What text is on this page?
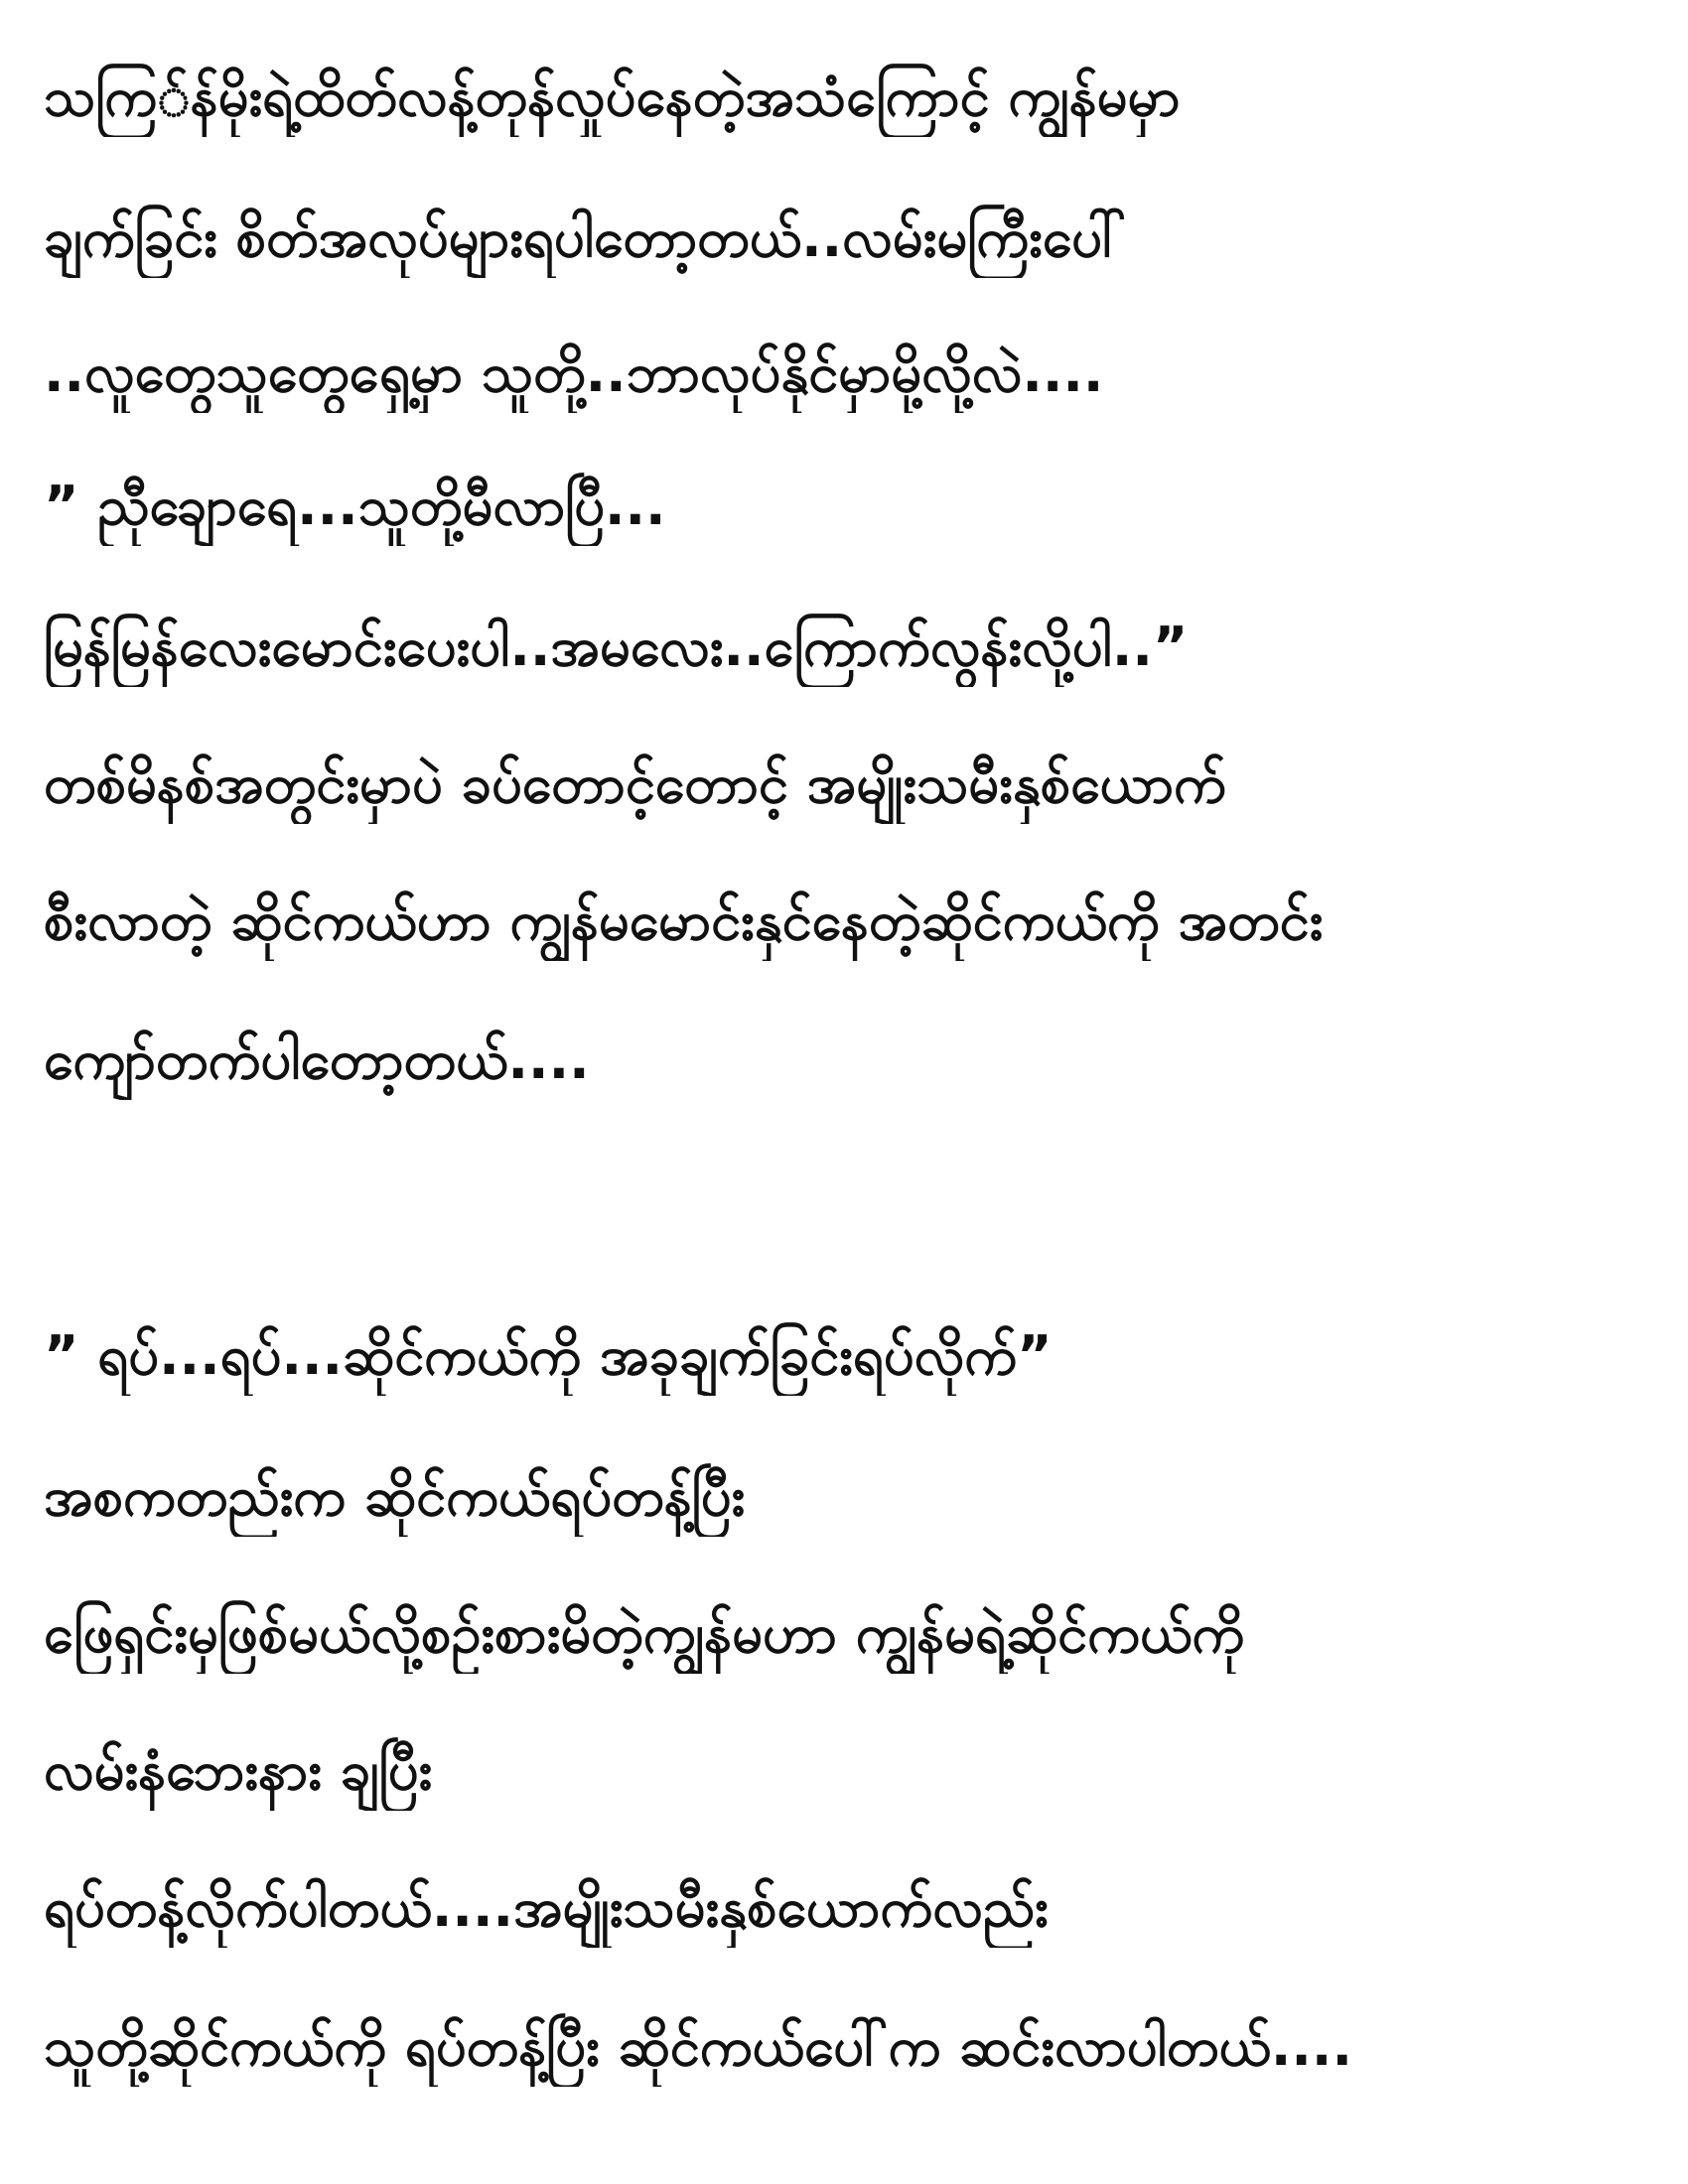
သကြ်န်မိုးရဲ့ထိတ်လန့်တုန်လှုပ်နေတဲ့အသံကြောင့် ကျွန်မမှာ
ချက်ခြင်း စိတ်အလုပ်များရပါတော့တယ်..လမ်းမကြီးပေါ်
..လူတွေသူတွေရှေ့မှာ သူတို့..ဘာလုပ်နိုင်မှာမို့လို့လဲ....
” ညီုချောရေ...သူတို့မီလာပြီ...
မြန်မြန်လေးမောင်းပေးပါ..အမလေး..ကြောက်လွန်းလို့ပါ..”
တစ်မိနစ်အတွင်းမှာပဲ ခပ်တောင့်တောင့် အမျိုးသမီးနှစ်ယောက်
စီးလာတဲ့ ဆိုင်ကယ်ဟာ ကျွန်မမောင်းနှင်နေတဲ့ဆိုင်ကယ်ကို အတင်း
ကျော်တက်ပါတော့တယ်....
” ရပ်...ရပ်...ဆိုင်ကယ်ကို အခုချက်ခြင်းရပ်လိုက်”
အစကတည်းက ဆိုင်ကယ်ရပ်တန့်ပြီး
ဖြေရှင်းမှဖြစ်မယ်လို့စဉ်းစားမိတဲ့ကျွန်မဟာ ကျွန်မရဲ့ဆိုင်ကယ်ကို
လမ်းနံဘေးနား ချပြီး
ရပ်တန့်လိုက်ပါတယ်....အမျိုးသမီးနှစ်ယောက်လည်း
သူတို့ဆိုင်ကယ်ကို ရပ်တန့်ပြီး ဆိုင်ကယ်ပေါ်က ဆင်းလာပါတယ်....
